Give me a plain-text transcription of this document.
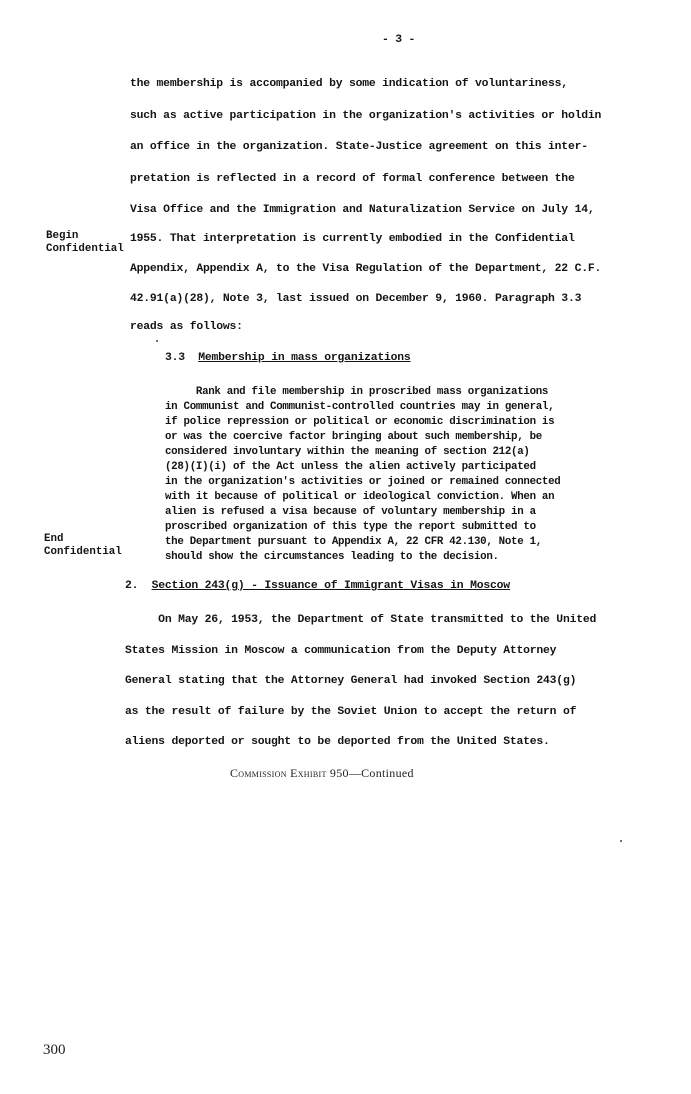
- 3 -
the membership is accompanied by some indication of voluntariness,
such as active participation in the organization's activities or holdin
an office in the organization. State-Justice agreement on this inter-
pretation is reflected in a record of formal conference between the
Visa Office and the Immigration and Naturalization Service on July 14,
1955. That interpretation is currently embodied in the Confidential
Appendix, Appendix A, to the Visa Regulation of the Department, 22 C.F.
42.91(a)(28), Note 3, last issued on December 9, 1960. Paragraph 3.3
reads as follows:
Begin
Confidential
3.3 Membership in mass organizations
Rank and file membership in proscribed mass organizations
in Communist and Communist-controlled countries may in general,
if police repression or political or economic discrimination is
or was the coercive factor bringing about such membership, be
considered involuntary within the meaning of section 212(a)
(28)(I)(i) of the Act unless the alien actively participated
in the organization's activities or joined or remained connected
with it because of political or ideological conviction. When an
alien is refused a visa because of voluntary membership in a
proscribed organization of this type the report submitted to
the Department pursuant to Appendix A, 22 CFR 42.130, Note 1,
should show the circumstances leading to the decision.
End
Confidential
2. Section 243(g) - Issuance of Immigrant Visas in Moscow
On May 26, 1953, the Department of State transmitted to the United
States Mission in Moscow a communication from the Deputy Attorney
General stating that the Attorney General had invoked Section 243(g)
as the result of failure by the Soviet Union to accept the return of
aliens deported or sought to be deported from the United States.
Commission Exhibit 950—Continued
300
